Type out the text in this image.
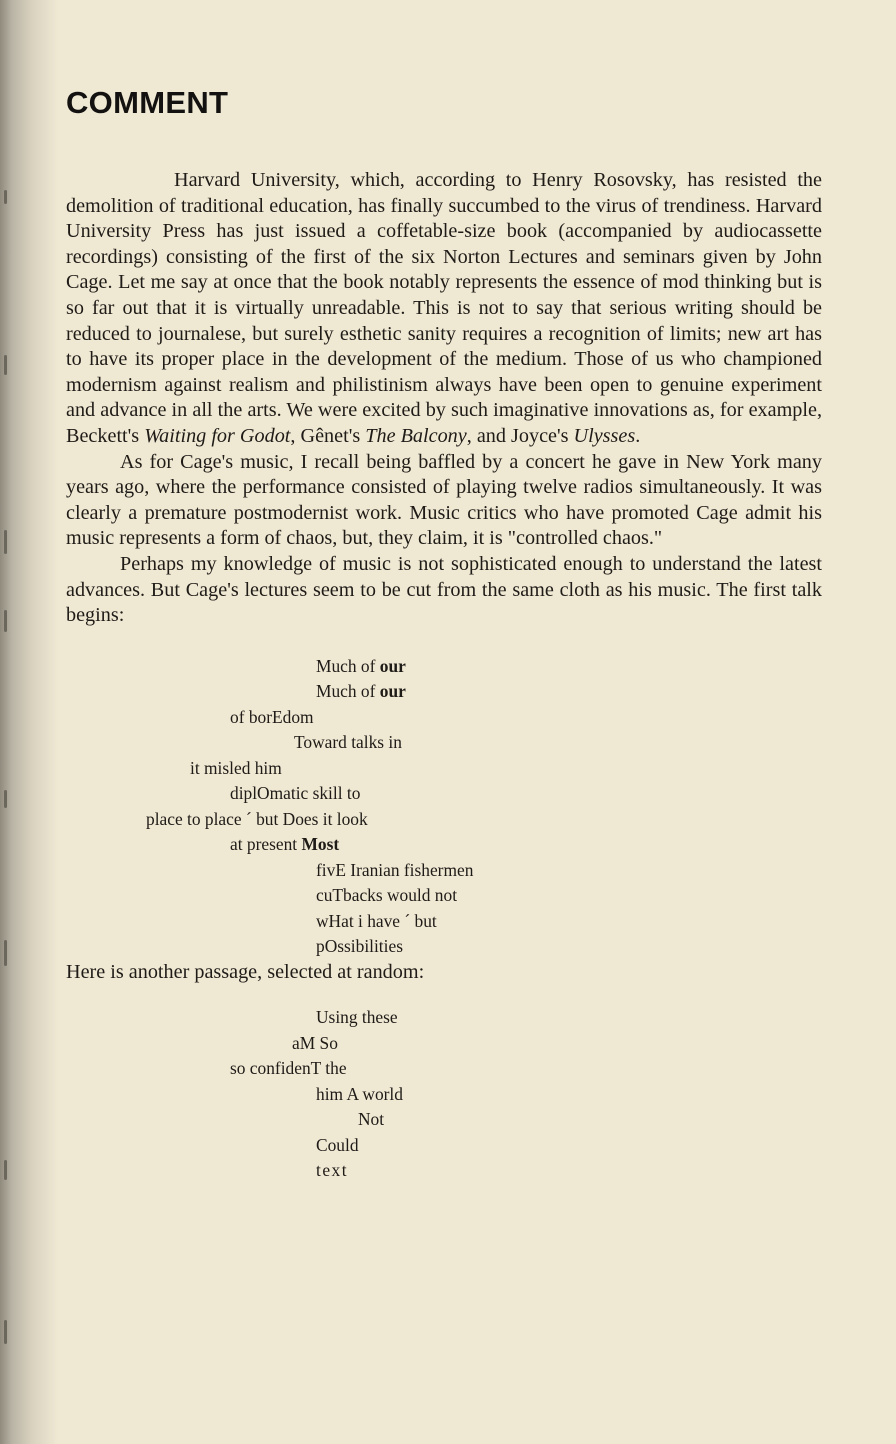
COMMENT

Harvard University, which, according to Henry Rosovsky, has resisted the demolition of traditional education, has finally succumbed to the virus of trendiness. Harvard University Press has just issued a coffetable-size book (accompanied by audiocassette recordings) consisting of the first of the six Norton Lectures and seminars given by John Cage. Let me say at once that the book notably represents the essence of mod thinking but is so far out that it is virtually unreadable. This is not to say that serious writing should be reduced to journalese, but surely esthetic sanity requires a recognition of limits; new art has to have its proper place in the development of the medium. Those of us who championed modernism against realism and philistinism always have been open to genuine experiment and advance in all the arts. We were excited by such imaginative innovations as, for example, Beckett's Waiting for Godot, Gênet's The Balcony, and Joyce's Ulysses.

As for Cage's music, I recall being baffled by a concert he gave in New York many years ago, where the performance consisted of playing twelve radios simultaneously. It was clearly a premature postmodernist work. Music critics who have promoted Cage admit his music represents a form of chaos, but, they claim, it is "controlled chaos."

Perhaps my knowledge of music is not sophisticated enough to understand the latest advances. But Cage's lectures seem to be cut from the same cloth as his music. The first talk begins:

Much of our
Much of our
of borEdom
Toward talks in
it misled him
diplOmatic skill to
place to place ´ but Does it look
at present Most
fivE Iranian fishermen
cuTbacks would not
wHat i have ´ but
pOssibilities

Here is another passage, selected at random:

Using these
aM So
so confidenT the
him A world
Not
Could
text
